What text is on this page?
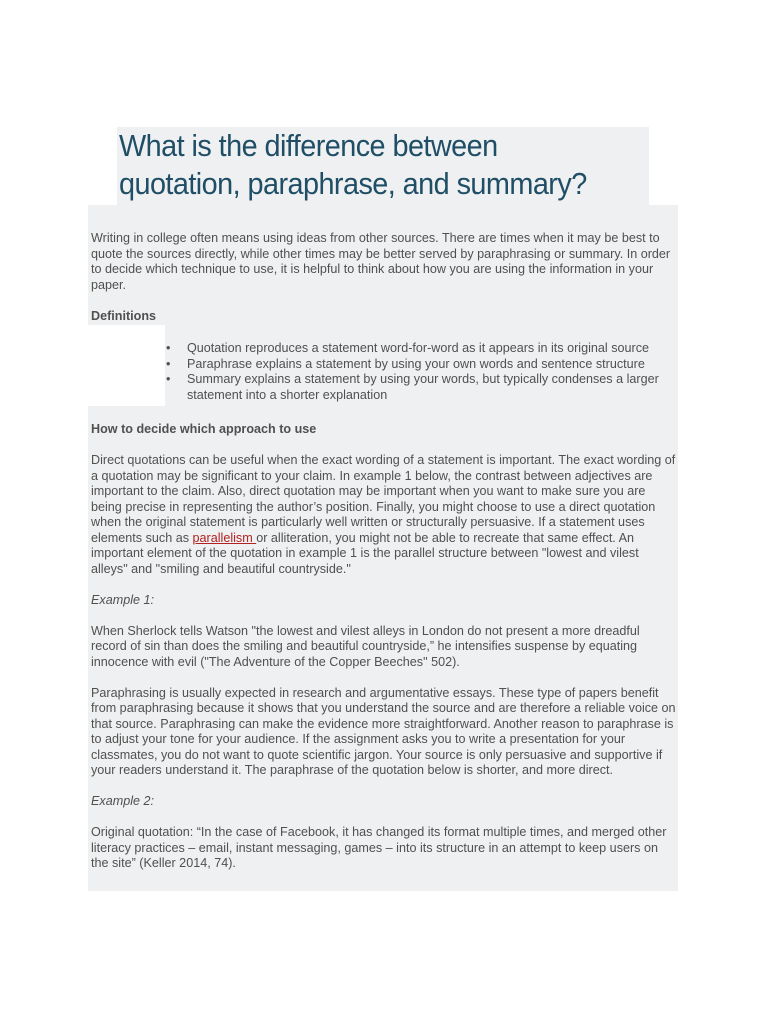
What is the difference between quotation, paraphrase, and summary?

Writing in college often means using ideas from other sources. There are times when it may be best to quote the sources directly, while other times may be better served by paraphrasing or summary. In order to decide which technique to use, it is helpful to think about how you are using the information in your paper.

Definitions

• Quotation reproduces a statement word-for-word as it appears in its original source
• Paraphrase explains a statement by using your own words and sentence structure
• Summary explains a statement by using your words, but typically condenses a larger statement into a shorter explanation

How to decide which approach to use

Direct quotations can be useful when the exact wording of a statement is important. The exact wording of a quotation may be significant to your claim. In example 1 below, the contrast between adjectives are important to the claim. Also, direct quotation may be important when you want to make sure you are being precise in representing the author’s position. Finally, you might choose to use a direct quotation when the original statement is particularly well written or structurally persuasive. If a statement uses elements such as parallelism or alliteration, you might not be able to recreate that same effect. An important element of the quotation in example 1 is the parallel structure between "lowest and vilest alleys" and "smiling and beautiful countryside."

Example 1:

When Sherlock tells Watson "the lowest and vilest alleys in London do not present a more dreadful record of sin than does the smiling and beautiful countryside,” he intensifies suspense by equating innocence with evil ("The Adventure of the Copper Beeches" 502).

Paraphrasing is usually expected in research and argumentative essays. These type of papers benefit from paraphrasing because it shows that you understand the source and are therefore a reliable voice on that source. Paraphrasing can make the evidence more straightforward. Another reason to paraphrase is to adjust your tone for your audience. If the assignment asks you to write a presentation for your classmates, you do not want to quote scientific jargon. Your source is only persuasive and supportive if your readers understand it. The paraphrase of the quotation below is shorter, and more direct.

Example 2:

Original quotation: “In the case of Facebook, it has changed its format multiple times, and merged other literacy practices – email, instant messaging, games – into its structure in an attempt to keep users on the site” (Keller 2014, 74).
